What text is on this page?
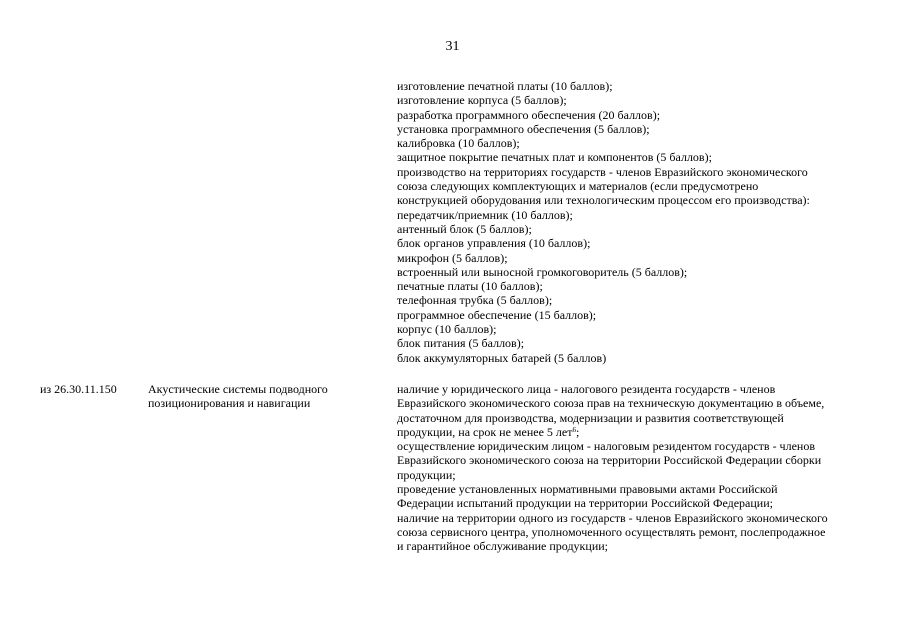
31
изготовление печатной платы (10 баллов);
изготовление корпуса (5 баллов);
разработка программного обеспечения (20 баллов);
установка программного обеспечения (5 баллов);
калибровка (10 баллов);
защитное покрытие печатных плат и компонентов (5 баллов);
производство на территориях государств - членов Евразийского экономического
союза следующих комплектующих и материалов (если предусмотрено
конструкцией оборудования или технологическим процессом его производства):
передатчик/приемник (10 баллов);
антенный блок (5 баллов);
блок органов управления (10 баллов);
микрофон (5 баллов);
встроенный или выносной громкоговоритель (5 баллов);
печатные платы (10 баллов);
телефонная трубка (5 баллов);
программное обеспечение (15 баллов);
корпус (10 баллов);
блок питания (5 баллов);
блок аккумуляторных батарей (5 баллов)
из 26.30.11.150	Акустические системы подводного
позиционирования и навигации
наличие у юридического лица - налогового резидента государств - членов
Евразийского экономического союза прав на техническую документацию в объеме,
достаточном для производства, модернизации и развития соответствующей
продукции, на срок не менее 5 лет$^6$;
осуществление юридическим лицом - налоговым резидентом государств - членов
Евразийского экономического союза на территории Российской Федерации сборки
продукции;
проведение установленных нормативными правовыми актами Российской
Федерации испытаний продукции на территории Российской Федерации;
наличие на территории одного из государств - членов Евразийского экономического
союза сервисного центра, уполномоченного осуществлять ремонт, послепродажное
и гарантийное обслуживание продукции;
